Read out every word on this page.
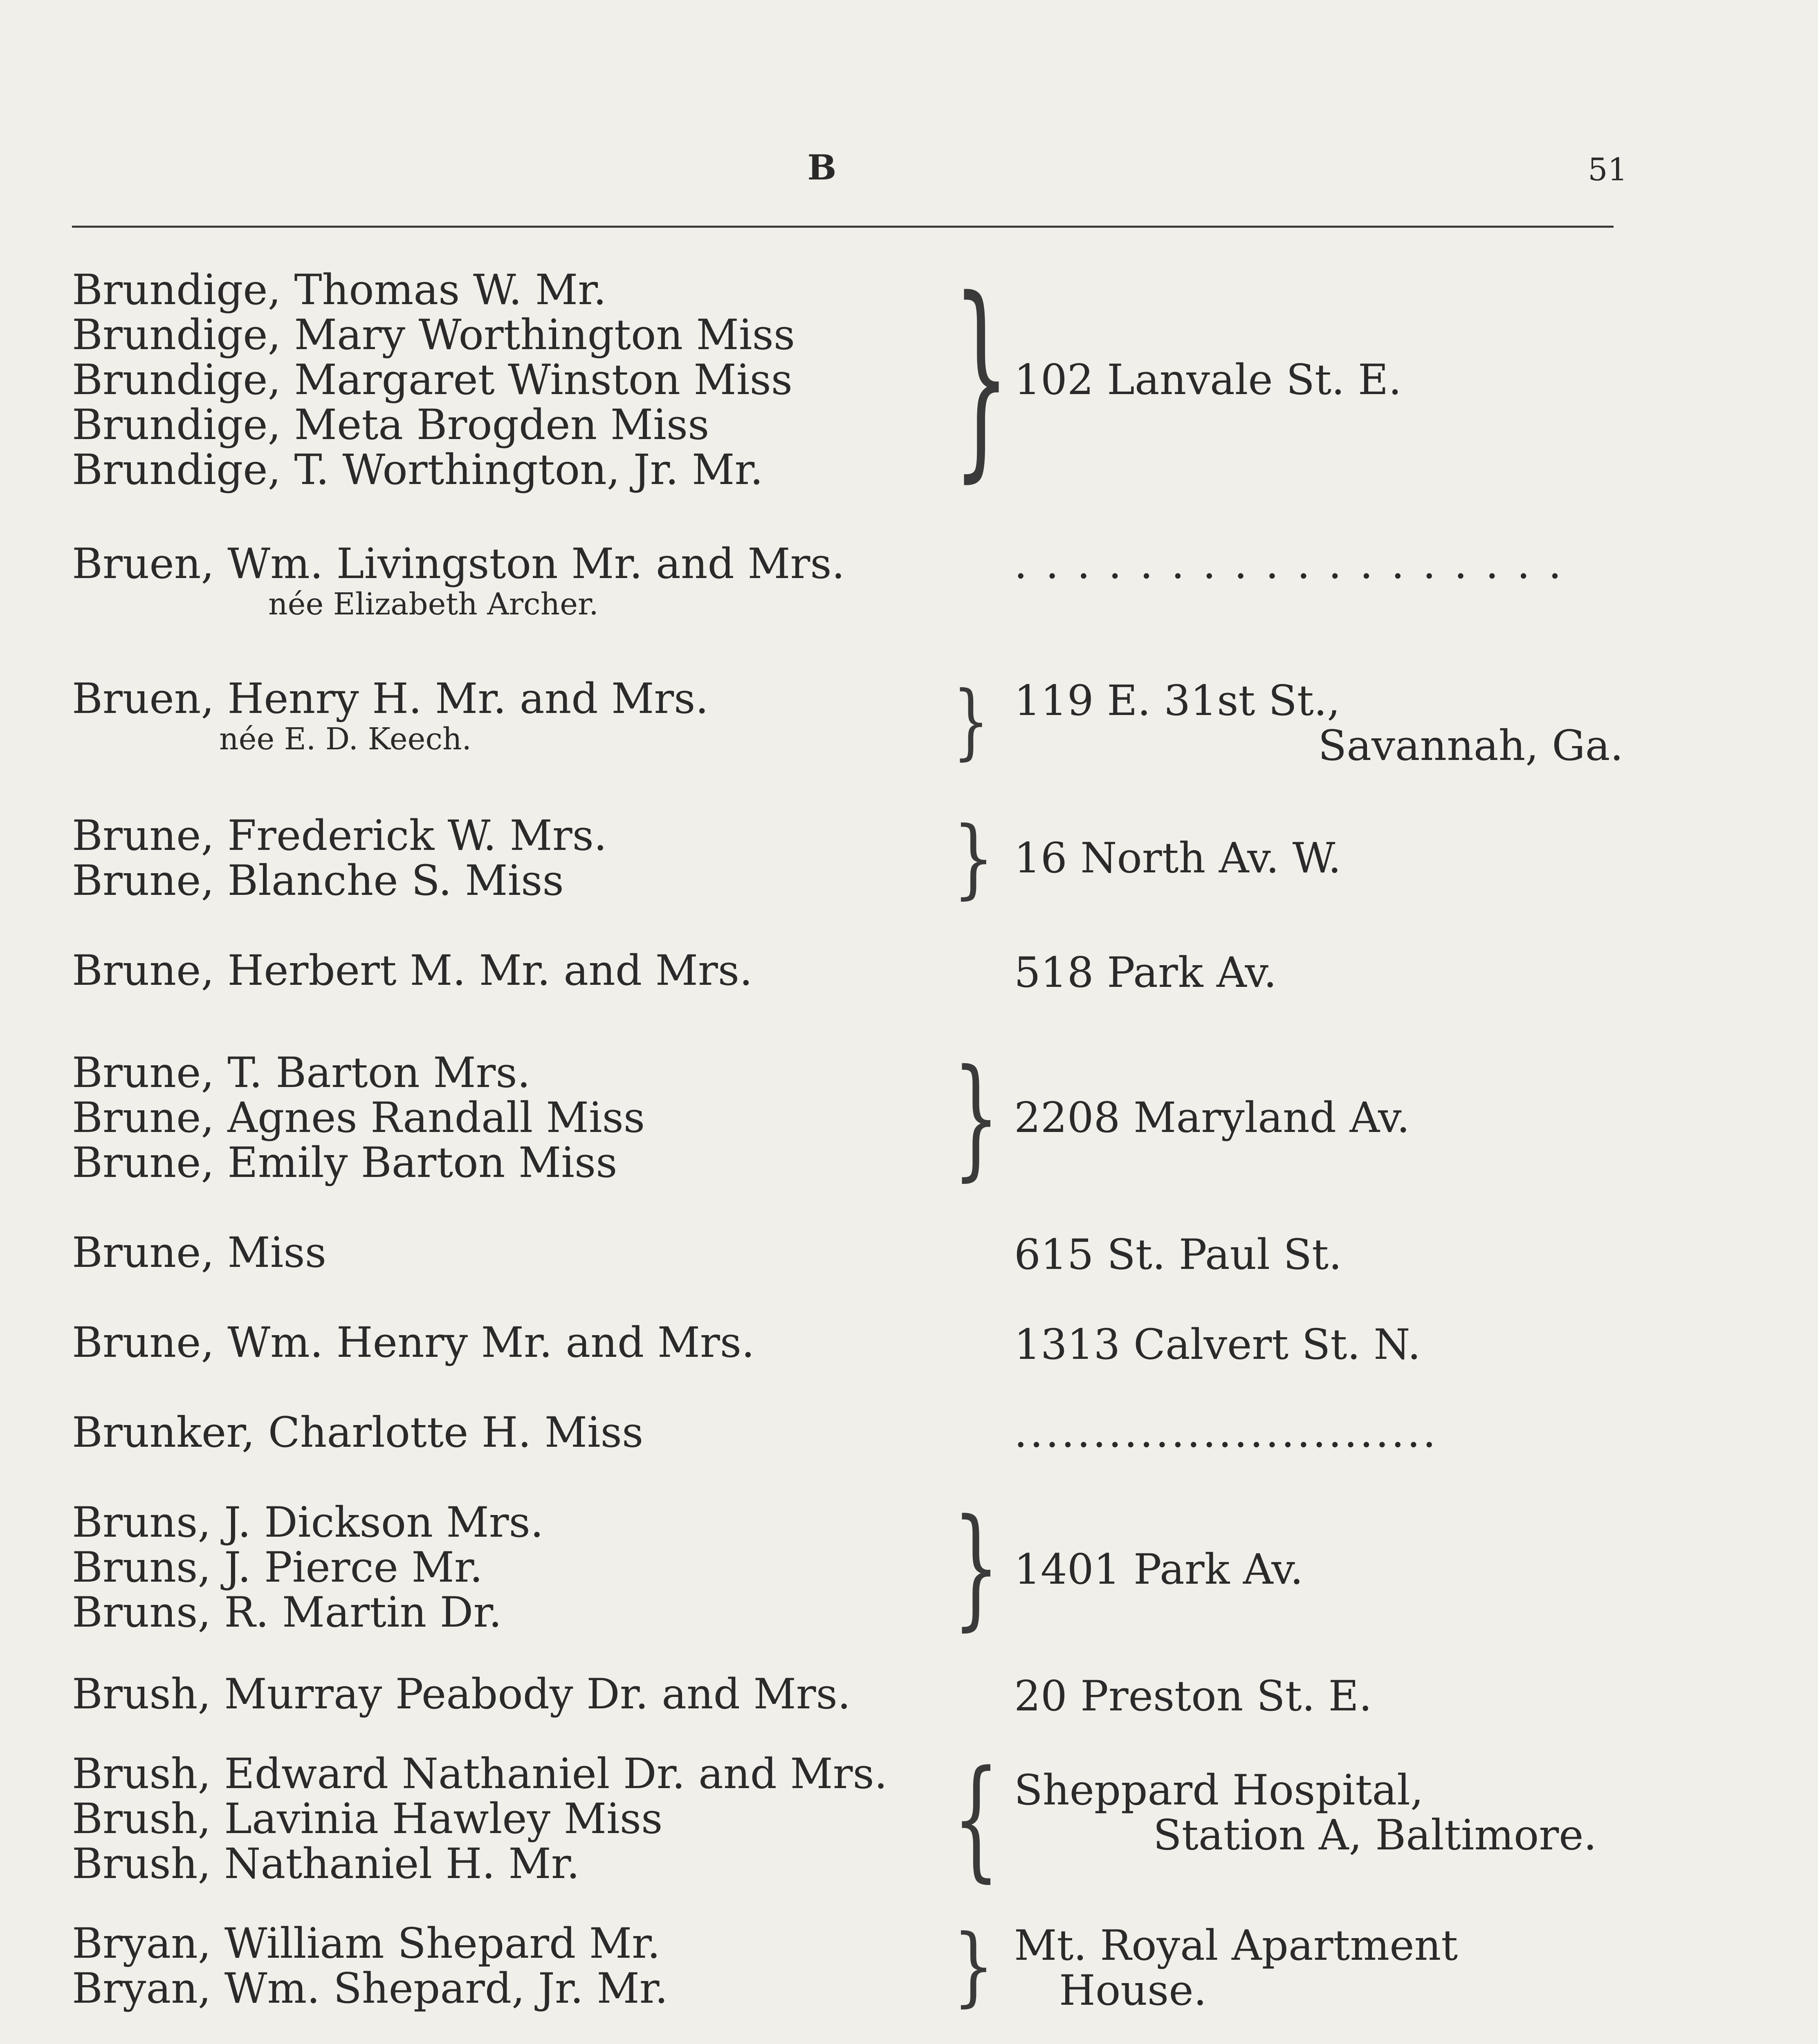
B	51
Brundige, Thomas W. Mr.
Brundige, Mary Worthington Miss
Brundige, Margaret Winston Miss
Brundige, Meta Brogden Miss
Brundige, T. Worthington, Jr. Mr.	} 102 Lanvale St. E.
Bruen, Wm. Livingston Mr. and Mrs.
née Elizabeth Archer.
. . . . . . . . . . . . . . . . . .
Bruen, Henry H. Mr. and Mrs.
née E. D. Keech.	} 119 E. 31st St.,
Savannah, Ga.
Brune, Frederick W. Mrs.
Brune, Blanche S. Miss	} 16 North Av. W.
Brune, Herbert M. Mr. and Mrs.	518 Park Av.
Brune, T. Barton Mrs.
Brune, Agnes Randall Miss
Brune, Emily Barton Miss	} 2208 Maryland Av.
Brune, Miss	615 St. Paul St.
Brune, Wm. Henry Mr. and Mrs.	1313 Calvert St. N.
Brunker, Charlotte H. Miss	...........................
Bruns, J. Dickson Mrs.
Bruns, J. Pierce Mr.
Bruns, R. Martin Dr.	} 1401 Park Av.
Brush, Murray Peabody Dr. and Mrs.	20 Preston St. E.
Brush, Edward Nathaniel Dr. and Mrs.
Brush, Lavinia Hawley Miss
Brush, Nathaniel H. Mr.	{ Sheppard Hospital,
Station A, Baltimore.
Bryan, William Shepard Mr.
Bryan, Wm. Shepard, Jr. Mr.	} Mt. Royal Apartment
House.
